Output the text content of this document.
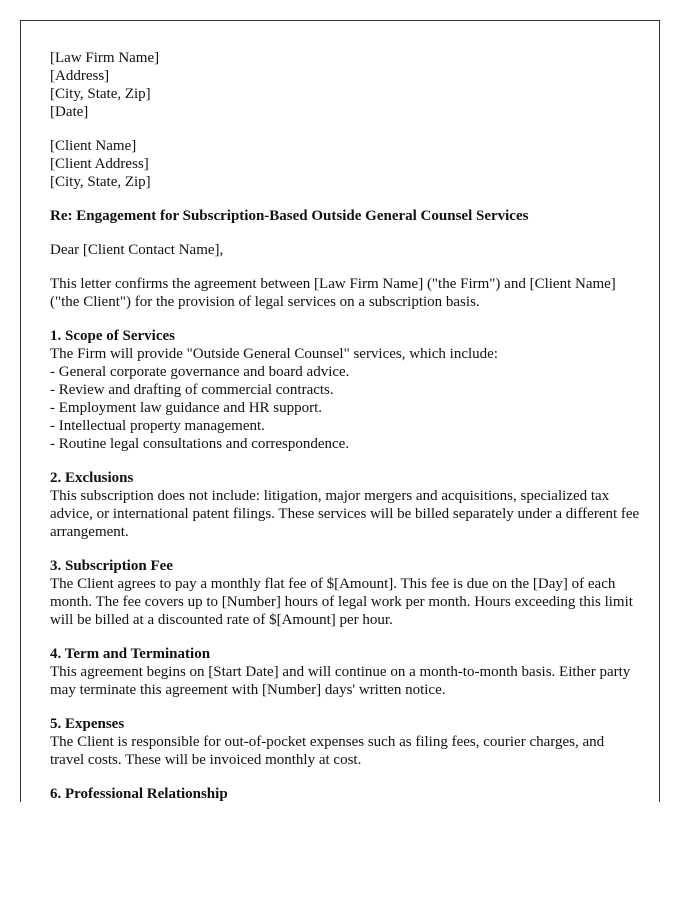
[Law Firm Name]
[Address]
[City, State, Zip]
[Date]
[Client Name]
[Client Address]
[City, State, Zip]
Re: Engagement for Subscription-Based Outside General Counsel Services
Dear [Client Contact Name],
This letter confirms the agreement between [Law Firm Name] ("the Firm") and [Client Name] ("the Client") for the provision of legal services on a subscription basis.
1. Scope of Services
The Firm will provide "Outside General Counsel" services, which include:
- General corporate governance and board advice.
- Review and drafting of commercial contracts.
- Employment law guidance and HR support.
- Intellectual property management.
- Routine legal consultations and correspondence.
2. Exclusions
This subscription does not include: litigation, major mergers and acquisitions, specialized tax advice, or international patent filings. These services will be billed separately under a different fee arrangement.
3. Subscription Fee
The Client agrees to pay a monthly flat fee of $[Amount]. This fee is due on the [Day] of each month. The fee covers up to [Number] hours of legal work per month. Hours exceeding this limit will be billed at a discounted rate of $[Amount] per hour.
4. Term and Termination
This agreement begins on [Start Date] and will continue on a month-to-month basis. Either party may terminate this agreement with [Number] days' written notice.
5. Expenses
The Client is responsible for out-of-pocket expenses such as filing fees, courier charges, and travel costs. These will be invoiced monthly at cost.
6. Professional Relationship
